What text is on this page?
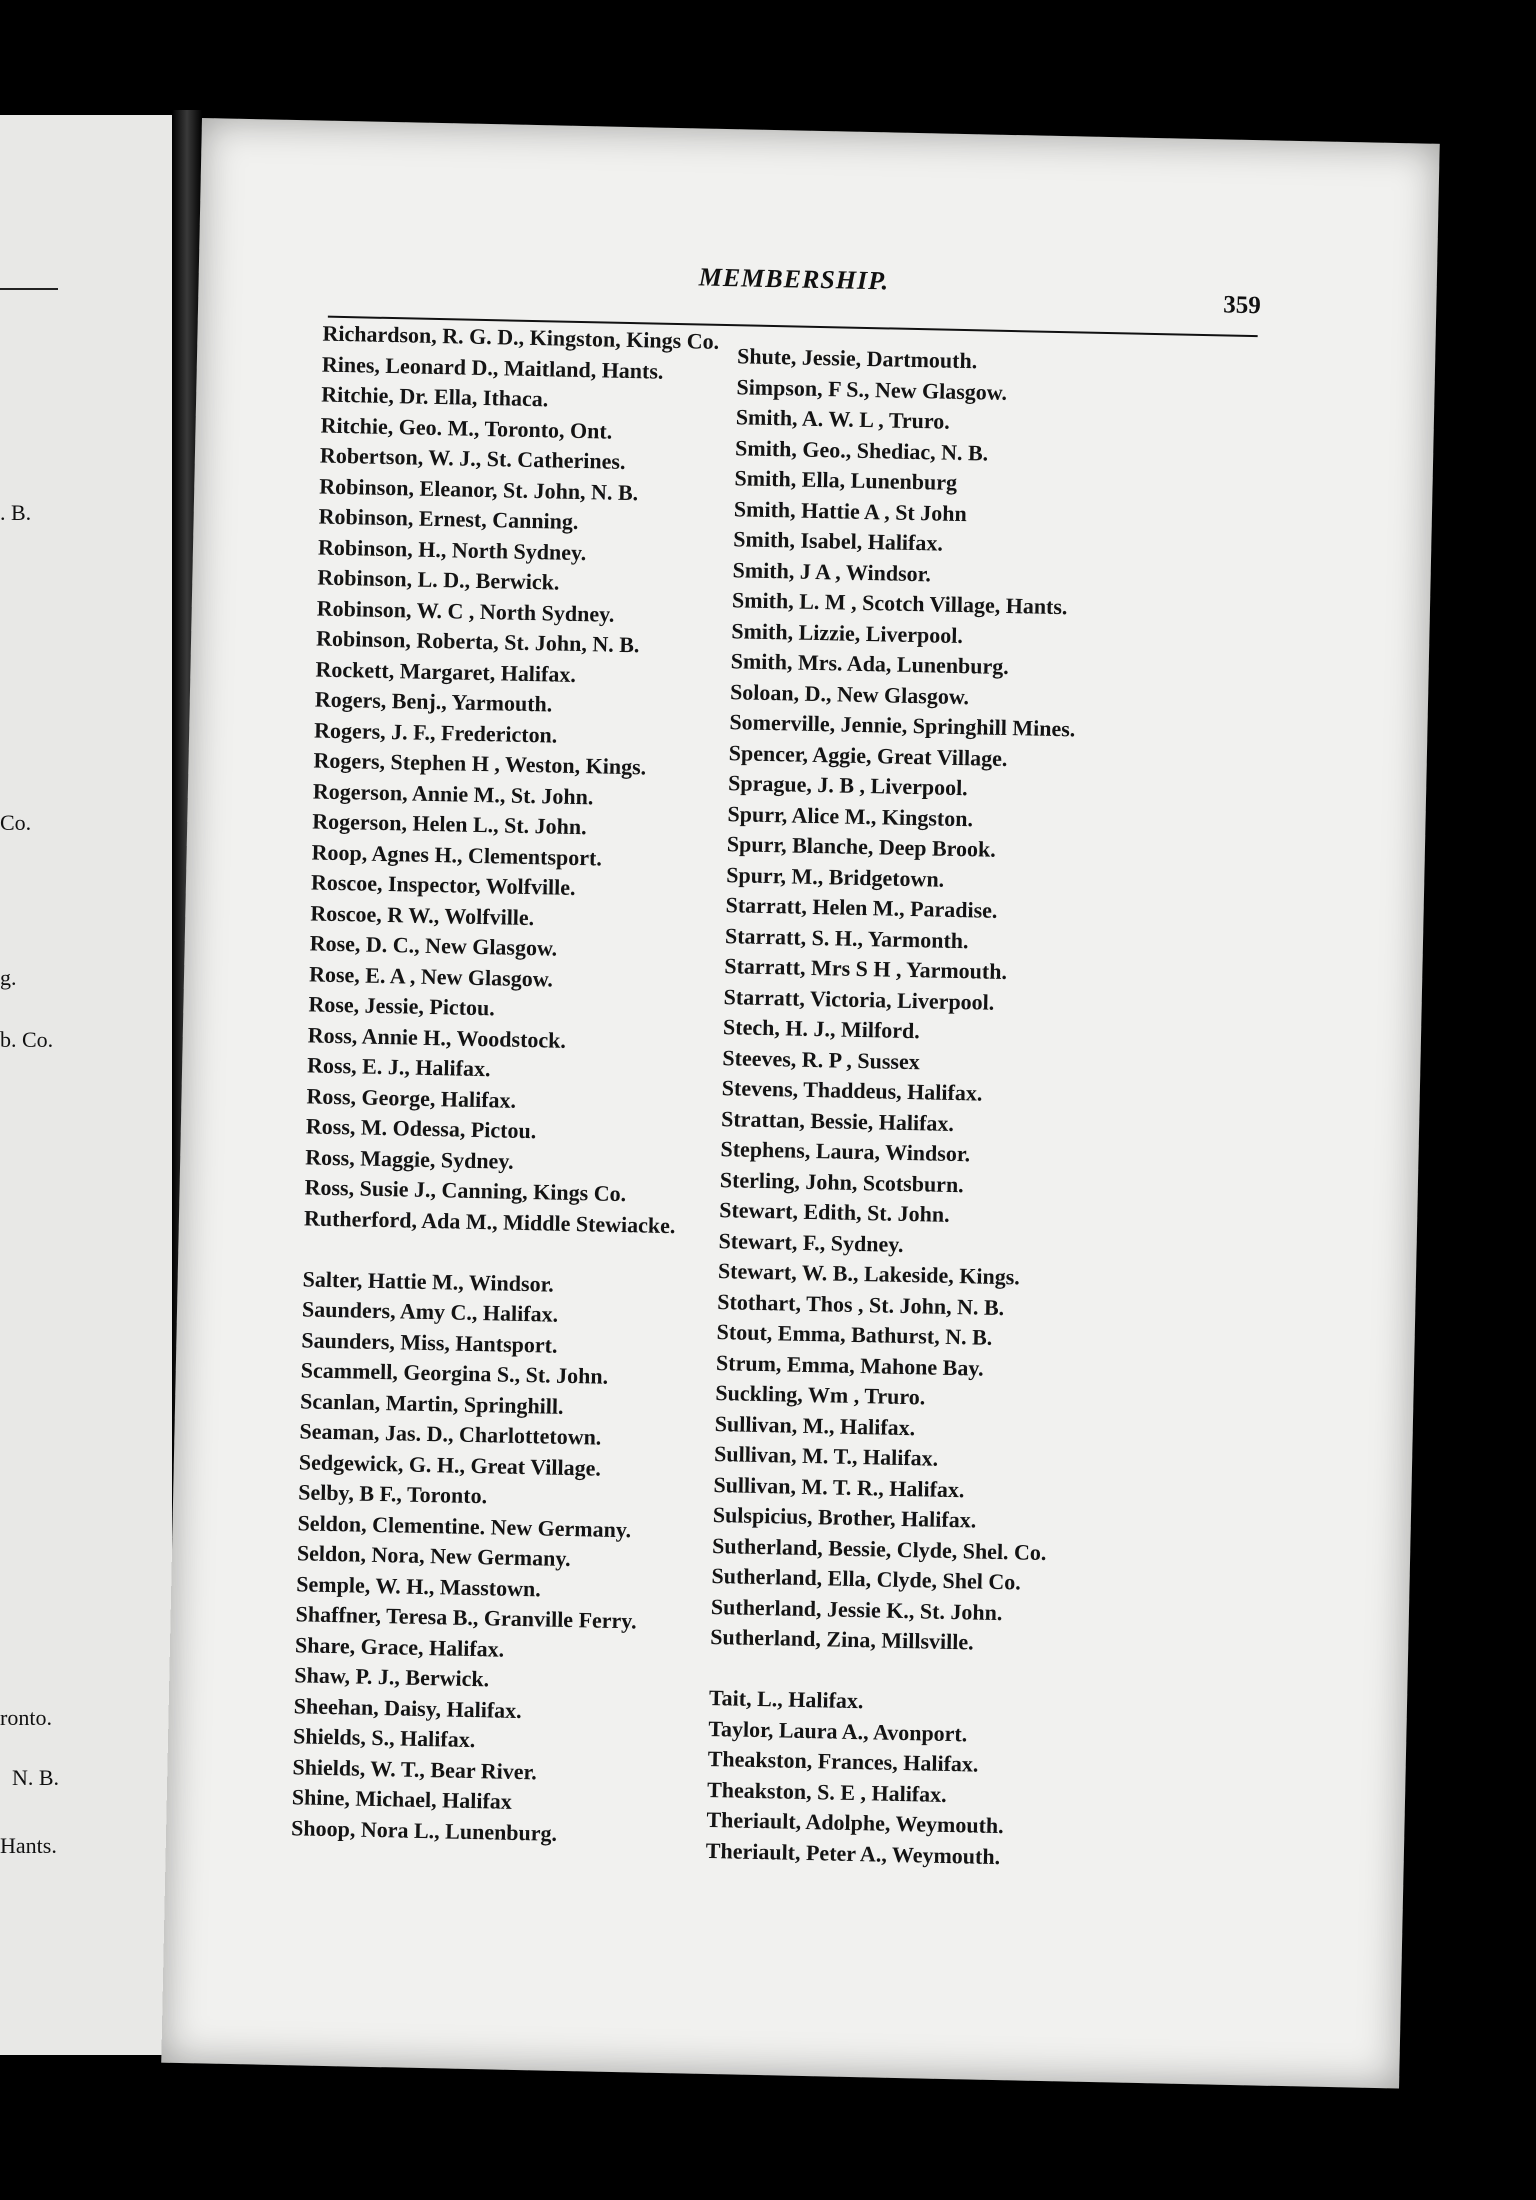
. B.
Co.
g.
b. Co.
ronto.
N. B.
Hants.
MEMBERSHIP.
359
Richardson, R. G. D., Kingston, Kings Co.
Rines, Leonard D., Maitland, Hants.
Ritchie, Dr. Ella, Ithaca.
Ritchie, Geo. M., Toronto, Ont.
Robertson, W. J., St. Catherines.
Robinson, Eleanor, St. John, N. B.
Robinson, Ernest, Canning.
Robinson, H., North Sydney.
Robinson, L. D., Berwick.
Robinson, W. C , North Sydney.
Robinson, Roberta, St. John, N. B.
Rockett, Margaret, Halifax.
Rogers, Benj., Yarmouth.
Rogers, J. F., Fredericton.
Rogers, Stephen H , Weston, Kings.
Rogerson, Annie M., St. John.
Rogerson, Helen L., St. John.
Roop, Agnes H., Clementsport.
Roscoe, Inspector, Wolfville.
Roscoe, R W., Wolfville.
Rose, D. C., New Glasgow.
Rose, E. A , New Glasgow.
Rose, Jessie, Pictou.
Ross, Annie H., Woodstock.
Ross, E. J., Halifax.
Ross, George, Halifax.
Ross, M. Odessa, Pictou.
Ross, Maggie, Sydney.
Ross, Susie J., Canning, Kings Co.
Rutherford, Ada M., Middle Stewiacke.
Salter, Hattie M., Windsor.
Saunders, Amy C., Halifax.
Saunders, Miss, Hantsport.
Scammell, Georgina S., St. John.
Scanlan, Martin, Springhill.
Seaman, Jas. D., Charlottetown.
Sedgewick, G. H., Great Village.
Selby, B F., Toronto.
Seldon, Clementine. New Germany.
Seldon, Nora, New Germany.
Semple, W. H., Masstown.
Shaffner, Teresa B., Granville Ferry.
Share, Grace, Halifax.
Shaw, P. J., Berwick.
Sheehan, Daisy, Halifax.
Shields, S., Halifax.
Shields, W. T., Bear River.
Shine, Michael, Halifax
Shoop, Nora L., Lunenburg.
Shute, Jessie, Dartmouth.
Simpson, F S., New Glasgow.
Smith, A. W. L , Truro.
Smith, Geo., Shediac, N. B.
Smith, Ella, Lunenburg
Smith, Hattie A , St John
Smith, Isabel, Halifax.
Smith, J A , Windsor.
Smith, L. M , Scotch Village, Hants.
Smith, Lizzie, Liverpool.
Smith, Mrs. Ada, Lunenburg.
Soloan, D., New Glasgow.
Somerville, Jennie, Springhill Mines.
Spencer, Aggie, Great Village.
Sprague, J. B , Liverpool.
Spurr, Alice M., Kingston.
Spurr, Blanche, Deep Brook.
Spurr, M., Bridgetown.
Starratt, Helen M., Paradise.
Starratt, S. H., Yarmonth.
Starratt, Mrs S H , Yarmouth.
Starratt, Victoria, Liverpool.
Stech, H. J., Milford.
Steeves, R. P , Sussex
Stevens, Thaddeus, Halifax.
Strattan, Bessie, Halifax.
Stephens, Laura, Windsor.
Sterling, John, Scotsburn.
Stewart, Edith, St. John.
Stewart, F., Sydney.
Stewart, W. B., Lakeside, Kings.
Stothart, Thos , St. John, N. B.
Stout, Emma, Bathurst, N. B.
Strum, Emma, Mahone Bay.
Suckling, Wm , Truro.
Sullivan, M., Halifax.
Sullivan, M. T., Halifax.
Sullivan, M. T. R., Halifax.
Sulspicius, Brother, Halifax.
Sutherland, Bessie, Clyde, Shel. Co.
Sutherland, Ella, Clyde, Shel Co.
Sutherland, Jessie K., St. John.
Sutherland, Zina, Millsville.
Tait, L., Halifax.
Taylor, Laura A., Avonport.
Theakston, Frances, Halifax.
Theakston, S. E , Halifax.
Theriault, Adolphe, Weymouth.
Theriault, Peter A., Weymouth.
